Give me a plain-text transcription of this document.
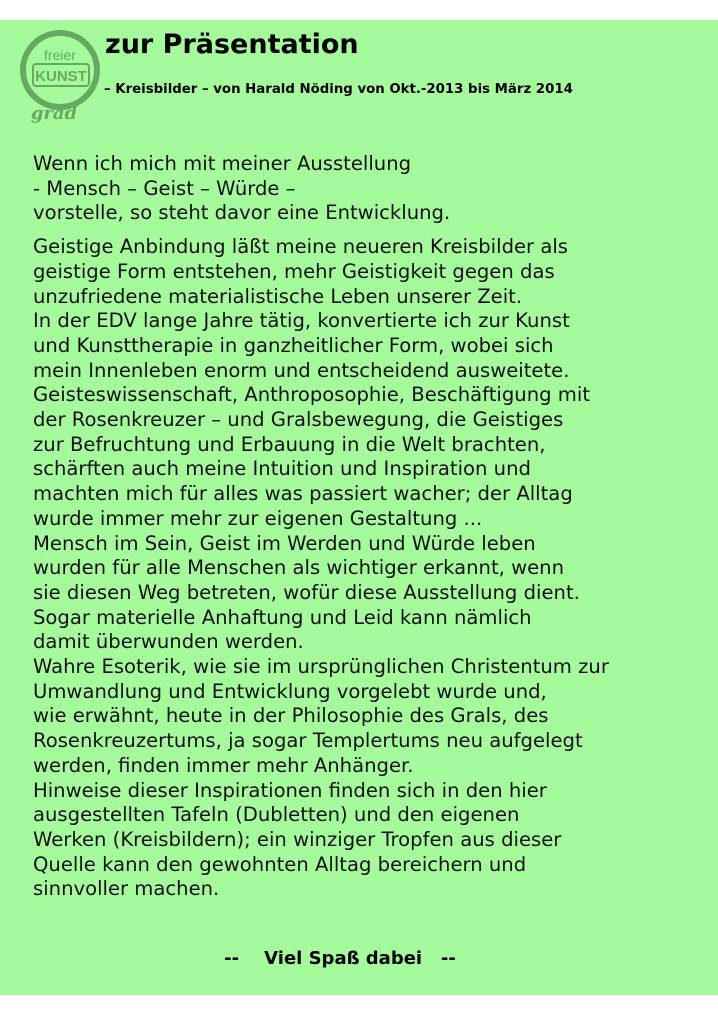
freier
KUNST
grad
zur Präsentation
– Kreisbilder – von Harald Nöding von Okt.-2013 bis März 2014

Wenn ich mich mit meiner Ausstellung
- Mensch – Geist – Würde –
vorstelle, so steht davor eine Entwicklung.

Geistige Anbindung läßt meine neueren Kreisbilder als
geistige Form entstehen, mehr Geistigkeit gegen das
unzufriedene materialistische Leben unserer Zeit.
In der EDV lange Jahre tätig, konvertierte ich zur Kunst
und Kunsttherapie in ganzheitlicher Form, wobei sich
mein Innenleben enorm und entscheidend ausweitete.
Geisteswissenschaft, Anthroposophie, Beschäftigung mit
der Rosenkreuzer – und Gralsbewegung, die Geistiges
zur Befruchtung und Erbauung in die Welt brachten,
schärften auch meine Intuition und Inspiration und
machten mich für alles was passiert wacher; der Alltag
wurde immer mehr zur eigenen Gestaltung ...
Mensch im Sein, Geist im Werden und Würde leben
wurden für alle Menschen als wichtiger erkannt, wenn
sie diesen Weg betreten, wofür diese Ausstellung dient.
Sogar materielle Anhaftung und Leid kann nämlich
damit überwunden werden.
Wahre Esoterik, wie sie im ursprünglichen Christentum zur
Umwandlung und Entwicklung vorgelebt wurde und,
wie erwähnt, heute in der Philosophie des Grals, des
Rosenkreuzertums, ja sogar Templertums neu aufgelegt
werden, finden immer mehr Anhänger.
Hinweise dieser Inspirationen finden sich in den hier
ausgestellten Tafeln (Dubletten) und den eigenen
Werken (Kreisbildern); ein winziger Tropfen aus dieser
Quelle kann den gewohnten Alltag bereichern und
sinnvoller machen.

--    Viel Spaß dabei   --
